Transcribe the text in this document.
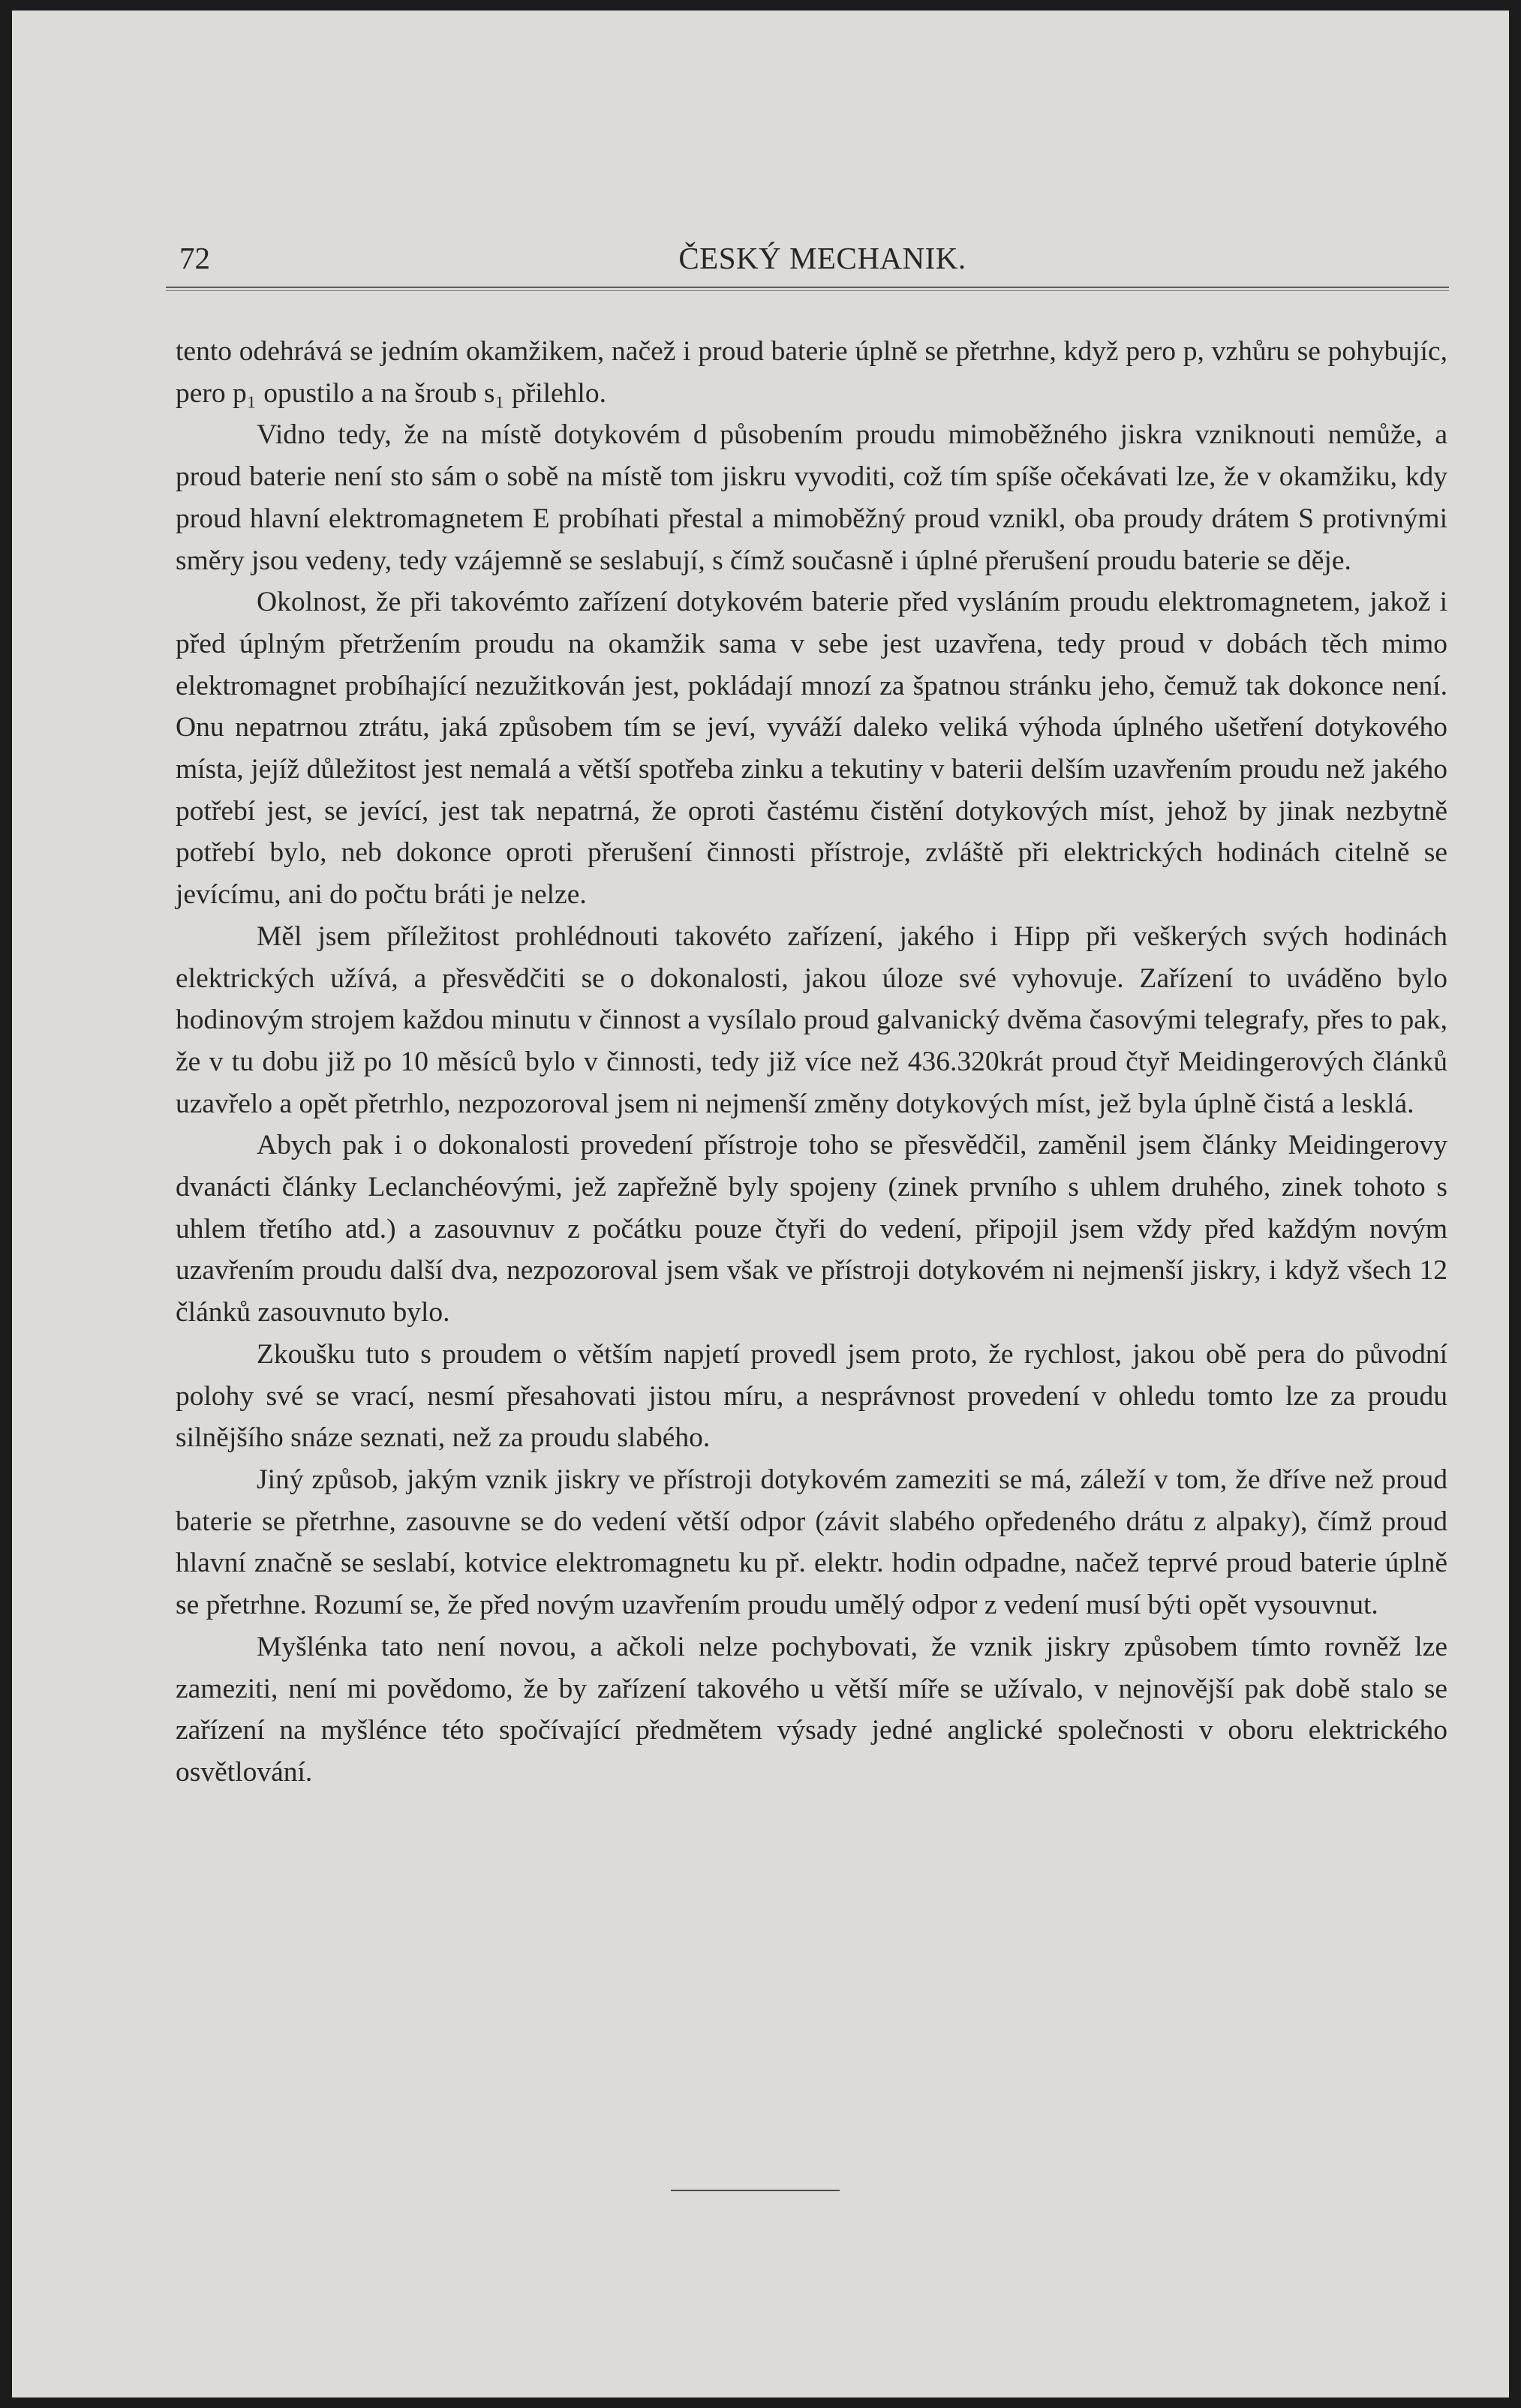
72	ČESKÝ MECHANIK.

tento odehrává se jedním okamžikem, načež i proud baterie úplně se přetrhne, když pero p, vzhůru se pohybujíc, pero p₁ opustilo a na šroub s₁ přilehlo.

Vidno tedy, že na místě dotykovém d působením proudu mimoběžného jiskra vzniknouti nemůže, a proud baterie není sto sám o sobě na místě tom jiskru vyvoditi, což tím spíše očekávati lze, že v okamžiku, kdy proud hlavní elektromagnetem E probíhati přestal a mimoběžný proud vznikl, oba proudy drátem S protivnými směry jsou vedeny, tedy vzájemně se seslabují, s čímž současně i úplné přerušení proudu baterie se děje.

Okolnost, že při takovémto zařízení dotykovém baterie před vysláním proudu elektromagnetem, jakož i před úplným přetržením proudu na okamžik sama v sebe jest uzavřena, tedy proud v dobách těch mimo elektromagnet probíhající nezužitkován jest, pokládají mnozí za špatnou stránku jeho, čemuž tak dokonce není. Onu nepatrnou ztrátu, jaká způsobem tím se jeví, vyváží daleko veliká výhoda úplného ušetření dotykového místa, jejíž důležitost jest nemalá a větší spotřeba zinku a tekutiny v baterii delším uzavřením proudu než jakého potřebí jest, se jevící, jest tak nepatrná, že oproti častému čistění dotykových míst, jehož by jinak nezbytně potřebí bylo, neb dokonce oproti přerušení činnosti přístroje, zvláště při elektrických hodinách citelně se jevícímu, ani do počtu bráti je nelze.

Měl jsem příležitost prohlédnouti takovéto zařízení, jakého i Hipp při veškerých svých hodinách elektrických užívá, a přesvědčiti se o dokonalosti, jakou úloze své vyhovuje. Zařízení to uváděno bylo hodinovým strojem každou minutu v činnost a vysílalo proud galvanický dvěma časovými telegrafy, přes to pak, že v tu dobu již po 10 měsíců bylo v činnosti, tedy již více než 436.320krát proud čtyř Meidingerových článků uzavřelo a opět přetrhlo, nezpozoroval jsem ni nejmenší změny dotykových míst, jež byla úplně čistá a lesklá.

Abych pak i o dokonalosti provedení přístroje toho se přesvědčil, zaměnil jsem články Meidingerovy dvanácti články Leclanchéovými, jež zapřežně byly spojeny (zinek prvního s uhlem druhého, zinek tohoto s uhlem třetího atd.) a zasouvnuv z počátku pouze čtyři do vedení, připojil jsem vždy před každým novým uzavřením proudu další dva, nezpozoroval jsem však ve přístroji dotykovém ni nejmenší jiskry, i když všech 12 článků zasouvnuto bylo.

Zkoušku tuto s proudem o větším napjetí provedl jsem proto, že rychlost, jakou obě pera do původní polohy své se vrací, nesmí přesahovati jistou míru, a nesprávnost provedení v ohledu tomto lze za proudu silnějšího snáze seznati, než za proudu slabého.

Jiný způsob, jakým vznik jiskry ve přístroji dotykovém zameziti se má, záleží v tom, že dříve než proud baterie se přetrhne, zasouvne se do vedení větší odpor (závit slabého opředeného drátu z alpaky), čímž proud hlavní značně se seslabí, kotvice elektromagnetu ku př. elektr. hodin odpadne, načež teprvé proud baterie úplně se přetrhne. Rozumí se, že před novým uzavřením proudu umělý odpor z vedení musí býti opět vysouvnut.

Myšlénka tato není novou, a ačkoli nelze pochybovati, že vznik jiskry způsobem tímto rovněž lze zameziti, není mi povědomo, že by zařízení takového u větší míře se užívalo, v nejnovější pak době stalo se zařízení na myšlénce této spočívající předmětem výsady jedné anglické společnosti v oboru elektrického osvětlování.
